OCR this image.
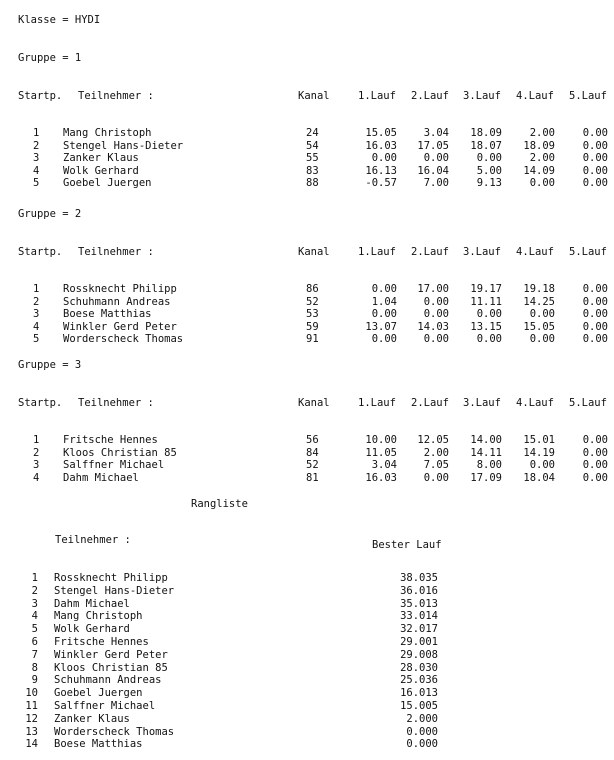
Klasse = HYDI
Gruppe = 1
Startp. Teilnehmer :	Kanal	1.Lauf 2.Lauf 3.Lauf 4.Lauf 5.Lauf
1 Mang Christoph	24	15.05	3.04	18.09	2.00	0.00
2 Stengel Hans-Dieter	54	16.03	17.05	18.07	18.09	0.00
3 Zanker Klaus	55	0.00	0.00	0.00	2.00	0.00
4 Wolk Gerhard	83	16.13	16.04	5.00	14.09	0.00
5 Goebel Juergen	88	-0.57	7.00	9.13	0.00	0.00
Gruppe = 2
Startp. Teilnehmer :	Kanal	1.Lauf 2.Lauf 3.Lauf 4.Lauf 5.Lauf
1 Rossknecht Philipp	86	0.00	17.00	19.17	19.18	0.00
2 Schuhmann Andreas	52	1.04	0.00	11.11	14.25	0.00
3 Boese Matthias	53	0.00	0.00	0.00	0.00	0.00
4 Winkler Gerd Peter	59	13.07	14.03	13.15	15.05	0.00
5 Worderscheck Thomas	91	0.00	0.00	0.00	0.00	0.00
Gruppe = 3
Startp. Teilnehmer :	Kanal	1.Lauf 2.Lauf 3.Lauf 4.Lauf 5.Lauf
1 Fritsche Hennes	56	10.00	12.05	14.00	15.01	0.00
2 Kloos Christian 85	84	11.05	2.00	14.11	14.19	0.00
3 Salffner Michael	52	3.04	7.05	8.00	0.00	0.00
4 Dahm Michael	81	16.03	0.00	17.09	18.04	0.00
Rangliste
Teilnehmer :	Bester Lauf
1 Rossknecht Philipp	38.035
2 Stengel Hans-Dieter	36.016
3 Dahm Michael	35.013
4 Mang Christoph	33.014
5 Wolk Gerhard	32.017
6 Fritsche Hennes	29.001
7 Winkler Gerd Peter	29.008
8 Kloos Christian 85	28.030
9 Schuhmann Andreas	25.036
10 Goebel Juergen	16.013
11 Salffner Michael	15.005
12 Zanker Klaus	2.000
13 Worderscheck Thomas	0.000
14 Boese Matthias	0.000
